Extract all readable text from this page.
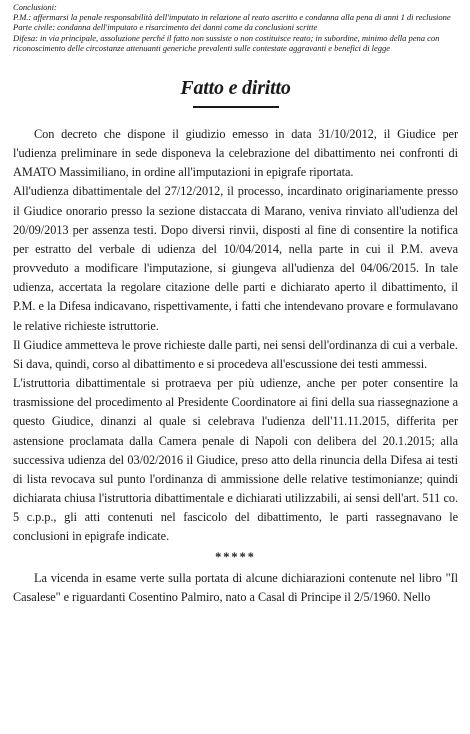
Conclusioni:
P.M.: affermarsi la penale responsabilità dell'imputato in relazione al reato ascritto e condanna alla pena di anni 1 di reclusione
Parte civile: condanna dell'imputato e risarcimento dei danni come da conclusioni scritte
Difesa: in via principale, assoluzione perché il fatto non sussiste o non costituisce reato; in subordine, minimo della pena con riconoscimento delle circostanze attenuanti generiche prevalenti sulle contestate aggravanti e benefici di legge
Fatto e diritto

Con decreto che dispone il giudizio emesso in data 31/10/2012, il Giudice per l'udienza preliminare in sede disponeva la celebrazione del dibattimento nei confronti di AMATO Massimiliano, in ordine all'imputazioni in epigrafe riportata.

All'udienza dibattimentale del 27/12/2012, il processo, incardinato originariamente presso il Giudice onorario presso la sezione distaccata di Marano, veniva rinviato all'udienza del 20/09/2013 per assenza testi. Dopo diversi rinvii, disposti al fine di consentire la notifica per estratto del verbale di udienza del 10/04/2014, nella parte in cui il P.M. aveva provveduto a modificare l'imputazione, si giungeva all'udienza del 04/06/2015. In tale udienza, accertata la regolare citazione delle parti e dichiarato aperto il dibattimento, il P.M. e la Difesa indicavano, rispettivamente, i fatti che intendevano provare e formulavano le relative richieste istruttorie.

Il Giudice ammetteva le prove richieste dalle parti, nei sensi dell'ordinanza di cui a verbale.

Si dava, quindi, corso al dibattimento e si procedeva all'escussione dei testi ammessi.

L'istruttoria dibattimentale si protraeva per più udienze, anche per poter consentire la trasmissione del procedimento al Presidente Coordinatore ai fini della sua riassegnazione a questo Giudice, dinanzi al quale si celebrava l'udienza dell'11.11.2015, differita per astensione proclamata dalla Camera penale di Napoli con delibera del 20.1.2015; alla successiva udienza del 03/02/2016 il Giudice, preso atto della rinuncia della Difesa ai testi di lista revocava sul punto l'ordinanza di ammissione delle relative testimonianze; quindi dichiarata chiusa l'istruttoria dibattimentale e dichiarati utilizzabili, ai sensi dell'art. 511 co. 5 c.p.p., gli atti contenuti nel fascicolo del dibattimento, le parti rassegnavano le conclusioni in epigrafe indicate.

*****

La vicenda in esame verte sulla portata di alcune dichiarazioni contenute nel libro "Il Casalese" e riguardanti Cosentino Palmiro, nato a Casal di Principe il 2/5/1960. Nello
